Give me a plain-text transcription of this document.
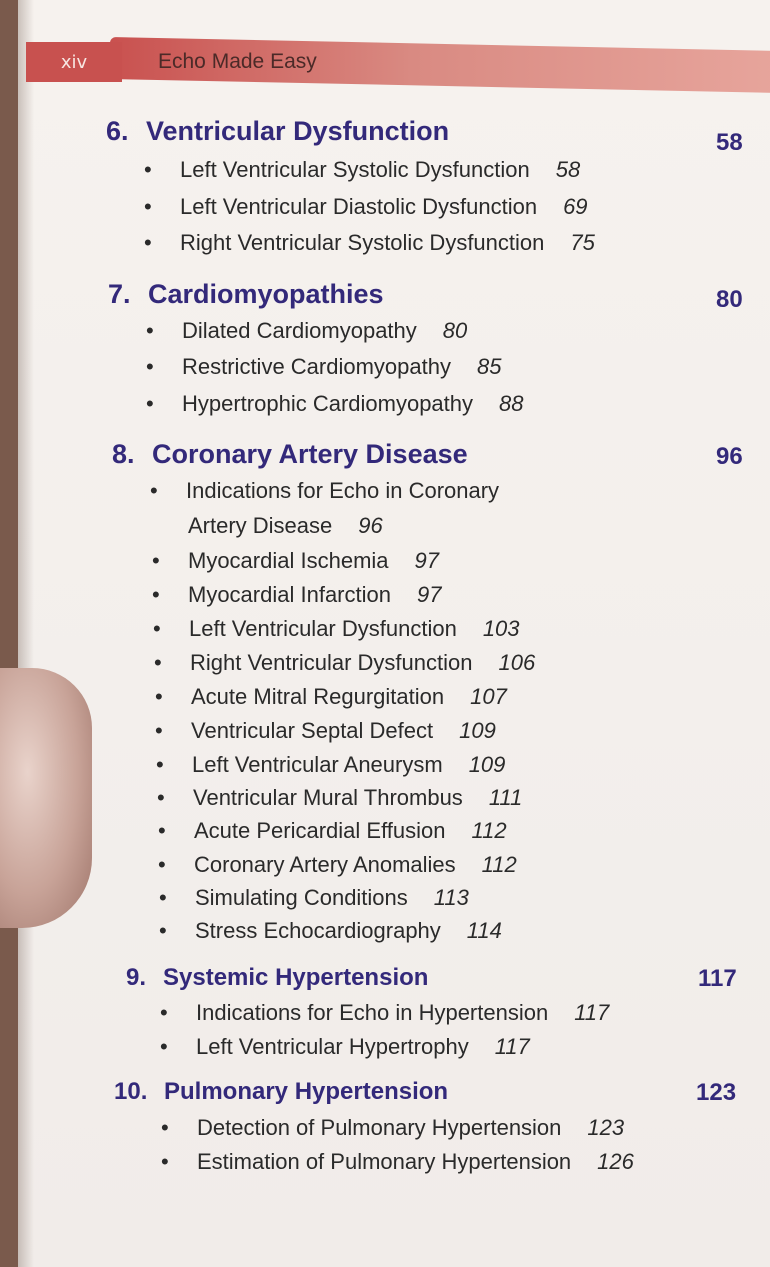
xiv	Echo Made Easy
6. Ventricular Dysfunction	58
• Left Ventricular Systolic Dysfunction 58
• Left Ventricular Diastolic Dysfunction 69
• Right Ventricular Systolic Dysfunction 75
7. Cardiomyopathies	80
• Dilated Cardiomyopathy 80
• Restrictive Cardiomyopathy 85
• Hypertrophic Cardiomyopathy 88
8. Coronary Artery Disease	96
• Indications for Echo in Coronary
Artery Disease 96
• Myocardial Ischemia 97
• Myocardial Infarction 97
• Left Ventricular Dysfunction 103
• Right Ventricular Dysfunction 106
• Acute Mitral Regurgitation 107
• Ventricular Septal Defect 109
• Left Ventricular Aneurysm 109
• Ventricular Mural Thrombus 111
• Acute Pericardial Effusion 112
• Coronary Artery Anomalies 112
• Simulating Conditions 113
• Stress Echocardiography 114
9. Systemic Hypertension	117
• Indications for Echo in Hypertension 117
• Left Ventricular Hypertrophy 117
10. Pulmonary Hypertension	123
• Detection of Pulmonary Hypertension 123
• Estimation of Pulmonary Hypertension 126
